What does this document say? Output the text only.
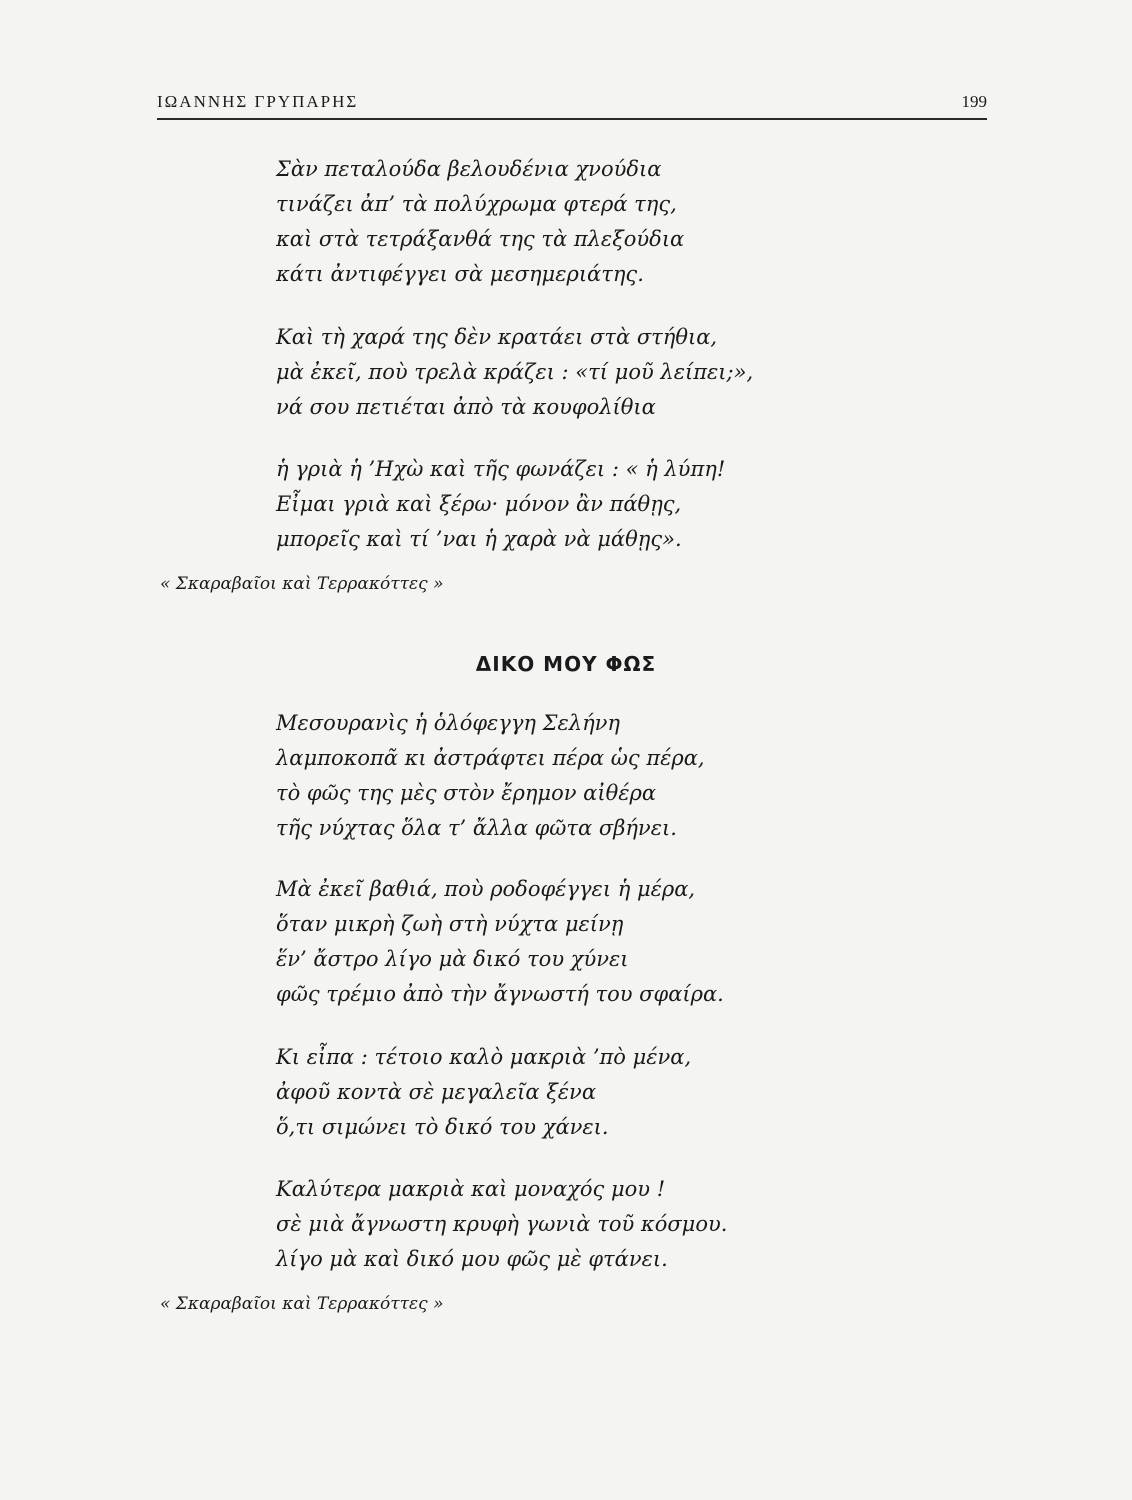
ΙΩΑΝΝΗΣ ΓΡΥΠΑΡΗΣ	199
Σὰν πεταλούδα βελουδένια χνούδια
τινάζει ἀπ’ τὰ πολύχρωμα φτερά της,
καὶ στὰ τετράξανθά της τὰ πλεξούδια
κάτι ἀντιφέγγει σὰ μεσημεριάτης.
Καὶ τὴ χαρά της δὲν κρατάει στὰ στήθια,
μὰ ἐκεῖ, ποὺ τρελὰ κράζει : «τί μοῦ λείπει;»,
νά σου πετιέται ἀπὸ τὰ κουφολίθια
ἡ γριὰ ἡ ’Ηχὼ καὶ τῆς φωνάζει : « ἡ λύπη!
Εἶμαι γριὰ καὶ ξέρω· μόνον ἂν πάθῃς,
μπορεῖς καὶ τί ’ναι ἡ χαρὰ νὰ μάθῃς».
« Σκαραβαῖοι καὶ Τερρακόττες »
ΔΙΚΟ ΜΟΥ ΦΩΣ
Μεσουρανὶς ἡ ὁλόφεγγη Σελήνη
λαμποκοπᾶ κι ἀστράφτει πέρα ὡς πέρα,
τὸ φῶς της μὲς στὸν ἔρημον αἰθέρα
τῆς νύχτας ὅλα τ’ ἄλλα φῶτα σβήνει.
Μὰ ἐκεῖ βαθιά, ποὺ ροδοφέγγει ἡ μέρα,
ὅταν μικρὴ ζωὴ στὴ νύχτα μείνῃ
ἕν’ ἄστρο λίγο μὰ δικό του χύνει
φῶς τρέμιο ἀπὸ τὴν ἄγνωστή του σφαίρα.
Κι εἶπα : τέτοιο καλὸ μακριὰ ’πὸ μένα,
ἀφοῦ κοντὰ σὲ μεγαλεῖα ξένα
ὅ,τι σιμώνει τὸ δικό του χάνει.
Καλύτερα μακριὰ καὶ μοναχός μου !
σὲ μιὰ ἄγνωστη κρυφὴ γωνιὰ τοῦ κόσμου.
λίγο μὰ καὶ δικό μου φῶς μὲ φτάνει.
« Σκαραβαῖοι καὶ Τερρακόττες »
